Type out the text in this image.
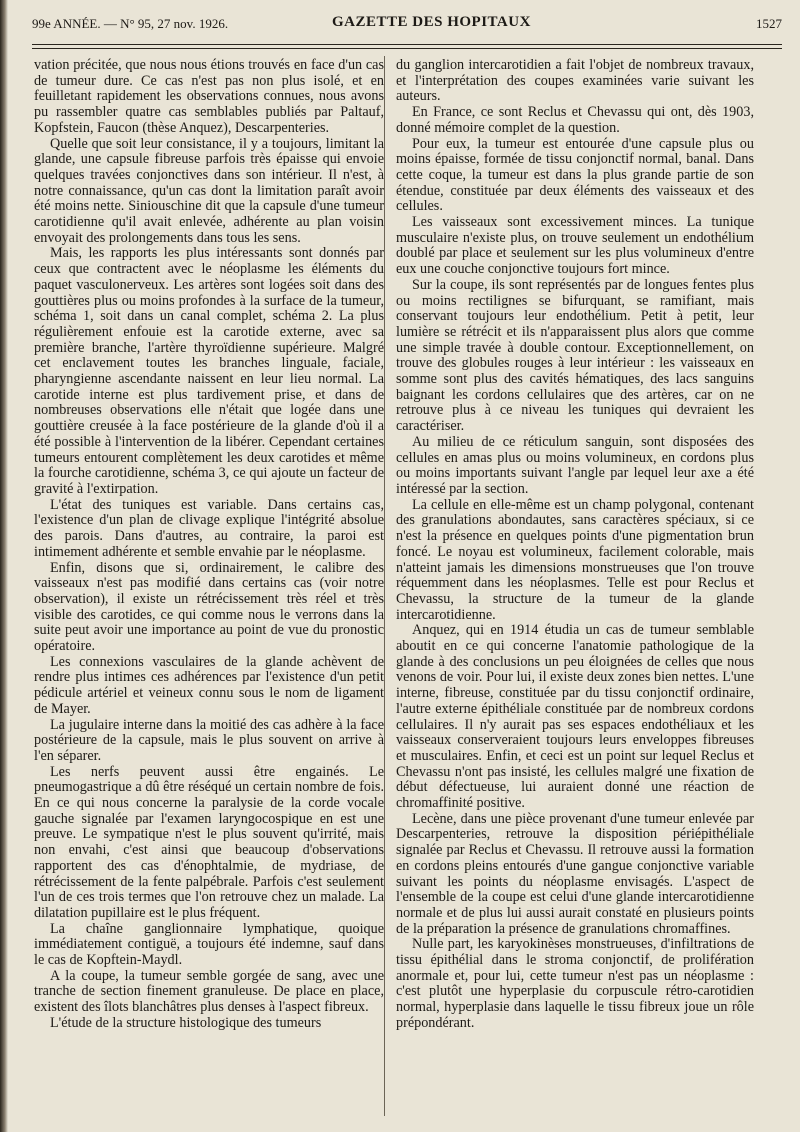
99e ANNÉE. — N° 95, 27 nov. 1926.	GAZETTE DES HOPITAUX	1527

vation précitée, que nous nous étions trouvés en face d'un cas de tumeur dure. Ce cas n'est pas non plus isolé, et en feuilletant rapidement les observations connues, nous avons pu rassembler quatre cas semblables publiés par Paltauf, Kopfstein, Faucon (thèse Anquez), Descarpenteries.

Quelle que soit leur consistance, il y a toujours, limitant la glande, une capsule fibreuse parfois très épaisse qui envoie quelques travées conjonctives dans son intérieur. Il n'est, à notre connaissance, qu'un cas dont la limitation paraît avoir été moins nette. Siniouschine dit que la capsule d'une tumeur carotidienne qu'il avait enlevée, adhérente au plan voisin envoyait des prolongements dans tous les sens.

Mais, les rapports les plus intéressants sont donnés par ceux que contractent avec le néoplasme les éléments du paquet vasculonerveux. Les artères sont logées soit dans des gouttières plus ou moins profondes à la surface de la tumeur, schéma 1, soit dans un canal complet, schéma 2. La plus régulièrement enfouie est la carotide externe, avec sa première branche, l'artère thyroïdienne supérieure. Malgré cet enclavement toutes les branches linguale, faciale, pharyngienne ascendante naissent en leur lieu normal. La carotide interne est plus tardivement prise, et dans de nombreuses observations elle n'était que logée dans une gouttière creusée à la face postérieure de la glande d'où il a été possible à l'intervention de la libérer. Cependant certaines tumeurs entourent complètement les deux carotides et même la fourche carotidienne, schéma 3, ce qui ajoute un facteur de gravité à l'extirpation.

L'état des tuniques est variable. Dans certains cas, l'existence d'un plan de clivage explique l'intégrité absolue des parois. Dans d'autres, au contraire, la paroi est intimement adhérente et semble envahie par le néoplasme.

Enfin, disons que si, ordinairement, le calibre des vaisseaux n'est pas modifié dans certains cas (voir notre observation), il existe un rétrécissement très réel et très visible des carotides, ce qui comme nous le verrons dans la suite peut avoir une importance au point de vue du pronostic opératoire.

Les connexions vasculaires de la glande achèvent de rendre plus intimes ces adhérences par l'existence d'un petit pédicule artériel et veineux connu sous le nom de ligament de Mayer.

La jugulaire interne dans la moitié des cas adhère à la face postérieure de la capsule, mais le plus souvent on arrive à l'en séparer.

Les nerfs peuvent aussi être engainés. Le pneumogastrique a dû être réséqué un certain nombre de fois. En ce qui nous concerne la paralysie de la corde vocale gauche signalée par l'examen laryngocospique en est une preuve. Le sympatique n'est le plus souvent qu'irrité, mais non envahi, c'est ainsi que beaucoup d'observations rapportent des cas d'énophtalmie, de mydriase, de rétrécissement de la fente palpébrale. Parfois c'est seulement l'un de ces trois termes que l'on retrouve chez un malade. La dilatation pupillaire est le plus fréquent.

La chaîne ganglionnaire lymphatique, quoique immédiatement contiguë, a toujours été indemne, sauf dans le cas de Kopftein-Maydl.

A la coupe, la tumeur semble gorgée de sang, avec une tranche de section finement granuleuse. De place en place, existent des îlots blanchâtres plus denses à l'aspect fibreux.

L'étude de la structure histologique des tumeurs

du ganglion intercarotidien a fait l'objet de nombreux travaux, et l'interprétation des coupes examinées varie suivant les auteurs.

En France, ce sont Reclus et Chevassu qui ont, dès 1903, donné mémoire complet de la question.

Pour eux, la tumeur est entourée d'une capsule plus ou moins épaisse, formée de tissu conjonctif normal, banal. Dans cette coque, la tumeur est dans la plus grande partie de son étendue, constituée par deux éléments des vaisseaux et des cellules.

Les vaisseaux sont excessivement minces. La tunique musculaire n'existe plus, on trouve seulement un endothélium doublé par place et seulement sur les plus volumineux d'entre eux une couche conjonctive toujours fort mince.

Sur la coupe, ils sont représentés par de longues fentes plus ou moins rectilignes se bifurquant, se ramifiant, mais conservant toujours leur endothélium. Petit à petit, leur lumière se rétrécit et ils n'apparaissent plus alors que comme une simple travée à double contour. Exceptionnellement, on trouve des globules rouges à leur intérieur : les vaisseaux en somme sont plus des cavités hématiques, des lacs sanguins baignant les cordons cellulaires que des artères, car on ne retrouve plus à ce niveau les tuniques qui devraient les caractériser.

Au milieu de ce réticulum sanguin, sont disposées des cellules en amas plus ou moins volumineux, en cordons plus ou moins importants suivant l'angle par lequel leur axe a été intéressé par la section.

La cellule en elle-même est un champ polygonal, contenant des granulations abondautes, sans caractères spéciaux, si ce n'est la présence en quelques points d'une pigmentation brun foncé. Le noyau est volumineux, facilement colorable, mais n'atteint jamais les dimensions monstrueuses que l'on trouve réquemment dans les néoplasmes. Telle est pour Reclus et Chevassu, la structure de la tumeur de la glande intercarotidienne.

Anquez, qui en 1914 étudia un cas de tumeur semblable aboutit en ce qui concerne l'anatomie pathologique de la glande à des conclusions un peu éloignées de celles que nous venons de voir. Pour lui, il existe deux zones bien nettes. L'une interne, fibreuse, constituée par du tissu conjonctif ordinaire, l'autre externe épithéliale constituée par de nombreux cordons cellulaires. Il n'y aurait pas ses espaces endothéliaux et les vaisseaux conserveraient toujours leurs enveloppes fibreuses et musculaires. Enfin, et ceci est un point sur lequel Reclus et Chevassu n'ont pas insisté, les cellules malgré une fixation de début défectueuse, lui auraient donné une réaction de chromaffinité positive.

Lecène, dans une pièce provenant d'une tumeur enlevée par Descarpenteries, retrouve la disposition périépithéliale signalée par Reclus et Chevassu. Il retrouve aussi la formation en cordons pleins entourés d'une gangue conjonctive variable suivant les points du néoplasme envisagés. L'aspect de l'ensemble de la coupe est celui d'une glande intercarotidienne normale et de plus lui aussi aurait constaté en plusieurs points de la préparation la présence de granulations chromaffines.

Nulle part, les karyokinèses monstrueuses, d'infiltrations de tissu épithélial dans le stroma conjonctif, de prolifération anormale et, pour lui, cette tumeur n'est pas un néoplasme : c'est plutôt une hyperplasie du corpuscule rétro-carotidien normal, hyperplasie dans laquelle le tissu fibreux joue un rôle prépondérant.
